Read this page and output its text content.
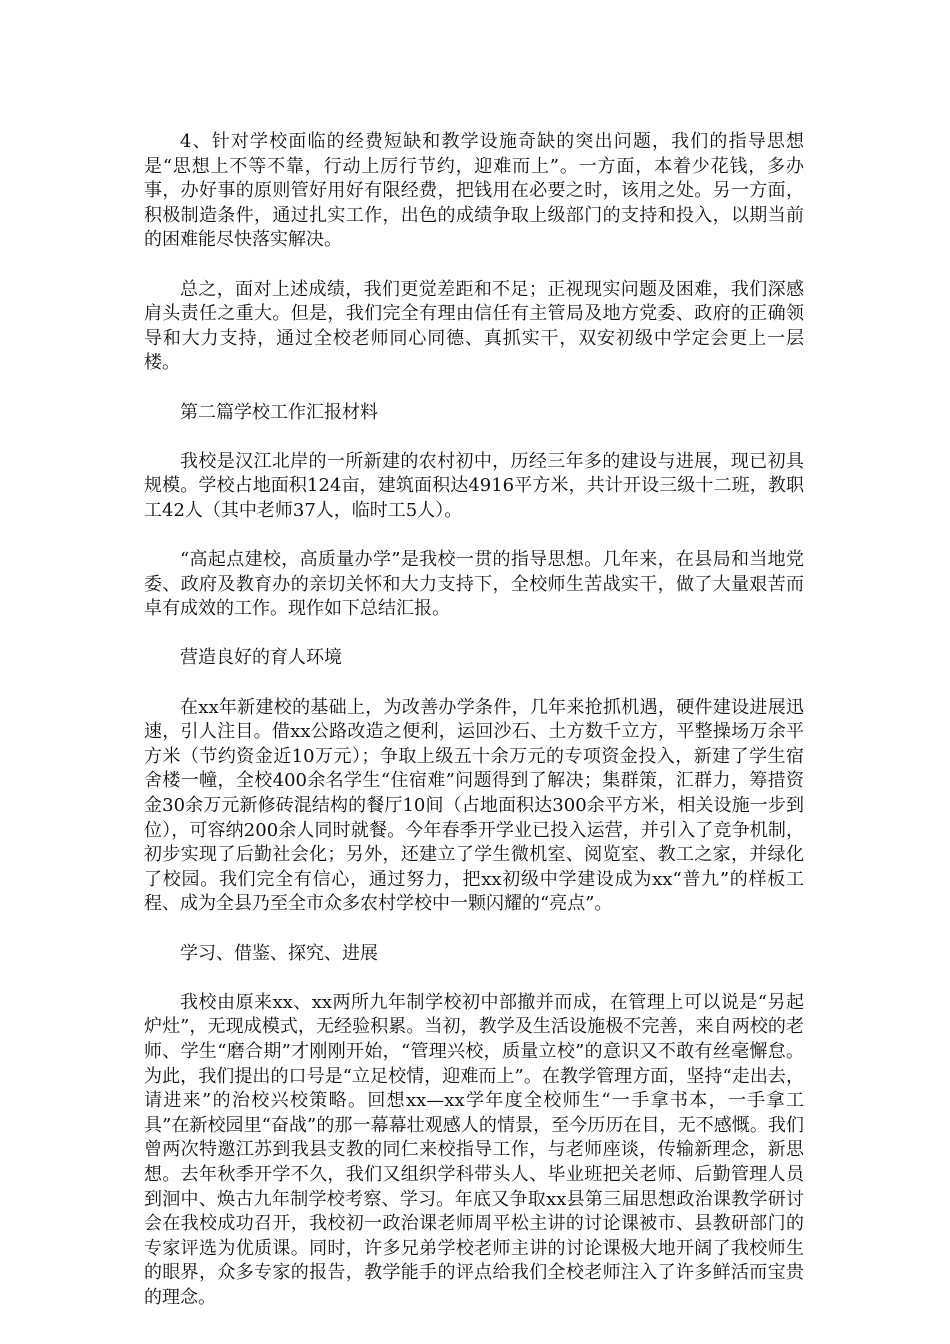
4、针对学校面临的经费短缺和教学设施奇缺的突出问题，我们的指导思想是“思想上不等不靠，行动上厉行节约，迎难而上”。一方面，本着少花钱，多办事，办好事的原则管好用好有限经费，把钱用在必要之时，该用之处。另一方面，积极制造条件，通过扎实工作，出色的成绩争取上级部门的支持和投入，以期当前的困难能尽快落实解决。

总之，面对上述成绩，我们更觉差距和不足；正视现实问题及困难，我们深感肩头责任之重大。但是，我们完全有理由信任有主管局及地方党委、政府的正确领导和大力支持，通过全校老师同心同德、真抓实干，双安初级中学定会更上一层楼。

第二篇学校工作汇报材料

我校是汉江北岸的一所新建的农村初中，历经三年多的建设与进展，现已初具规模。学校占地面积124亩，建筑面积达4916平方米，共计开设三级十二班，教职工42人（其中老师37人，临时工5人）。

“高起点建校，高质量办学”是我校一贯的指导思想。几年来，在县局和当地党委、政府及教育办的亲切关怀和大力支持下，全校师生苦战实干，做了大量艰苦而卓有成效的工作。现作如下总结汇报。

营造良好的育人环境

在xx年新建校的基础上，为改善办学条件，几年来抢抓机遇，硬件建设进展迅速，引人注目。借xx公路改造之便利，运回沙石、土方数千立方，平整操场万余平方米（节约资金近10万元）；争取上级五十余万元的专项资金投入，新建了学生宿舍楼一幢，全校400余名学生“住宿难”问题得到了解决；集群策，汇群力，筹措资金30余万元新修砖混结构的餐厅10间（占地面积达300余平方米，相关设施一步到位），可容纳200余人同时就餐。今年春季开学业已投入运营，并引入了竞争机制，初步实现了后勤社会化；另外，还建立了学生微机室、阅览室、教工之家，并绿化了校园。我们完全有信心，通过努力，把xx初级中学建设成为xx“普九”的样板工程、成为全县乃至全市众多农村学校中一颗闪耀的“亮点”。

学习、借鉴、探究、进展

我校由原来xx、xx两所九年制学校初中部撤并而成，在管理上可以说是“另起炉灶”，无现成模式，无经验积累。当初，教学及生活设施极不完善，来自两校的老师、学生“磨合期”才刚刚开始，“管理兴校，质量立校”的意识又不敢有丝毫懈怠。为此，我们提出的口号是“立足校情，迎难而上”。在教学管理方面，坚持“走出去，请进来”的治校兴校策略。回想xx—xx学年度全校师生“一手拿书本，一手拿工具”在新校园里“奋战”的那一幕幕壮观感人的情景，至今历历在目，无不感慨。我们曾两次特邀江苏到我县支教的同仁来校指导工作，与老师座谈，传输新理念，新思想。去年秋季开学不久，我们又组织学科带头人、毕业班把关老师、后勤管理人员到洄中、焕古九年制学校考察、学习。年底又争取xx县第三届思想政治课教学研讨会在我校成功召开，我校初一政治课老师周平松主讲的讨论课被市、县教研部门的专家评选为优质课。同时，许多兄弟学校老师主讲的讨论课极大地开阔了我校师生的眼界，众多专家的报告，教学能手的评点给我们全校老师注入了许多鲜活而宝贵的理念。
